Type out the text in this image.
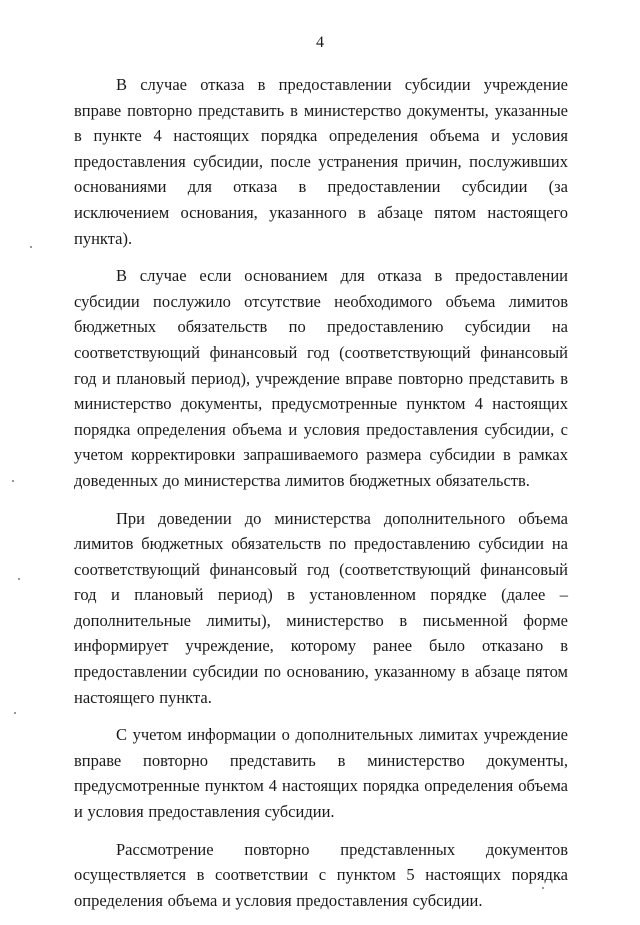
4

В случае отказа в предоставлении субсидии учреждение вправе повторно представить в министерство документы, указанные в пункте 4 настоящих порядка определения объема и условия предоставления субсидии, после устранения причин, послуживших основаниями для отказа в предоставлении субсидии (за исключением основания, указанного в абзаце пятом настоящего пункта).

В случае если основанием для отказа в предоставлении субсидии послужило отсутствие необходимого объема лимитов бюджетных обязательств по предоставлению субсидии на соответствующий финансовый год (соответствующий финансовый год и плановый период), учреждение вправе повторно представить в министерство документы, предусмотренные пунктом 4 настоящих порядка определения объема и условия предоставления субсидии, с учетом корректировки запрашиваемого размера субсидии в рамках доведенных до министерства лимитов бюджетных обязательств.

При доведении до министерства дополнительного объема лимитов бюджетных обязательств по предоставлению субсидии на соответствующий финансовый год (соответствующий финансовый год и плановый период) в установленном порядке (далее – дополнительные лимиты), министерство в письменной форме информирует учреждение, которому ранее было отказано в предоставлении субсидии по основанию, указанному в абзаце пятом настоящего пункта.

С учетом информации о дополнительных лимитах учреждение вправе повторно представить в министерство документы, предусмотренные пунктом 4 настоящих порядка определения объема и условия предоставления субсидии.

Рассмотрение повторно представленных документов осуществляется в соответствии с пунктом 5 настоящих порядка определения объема и условия предоставления субсидии.
